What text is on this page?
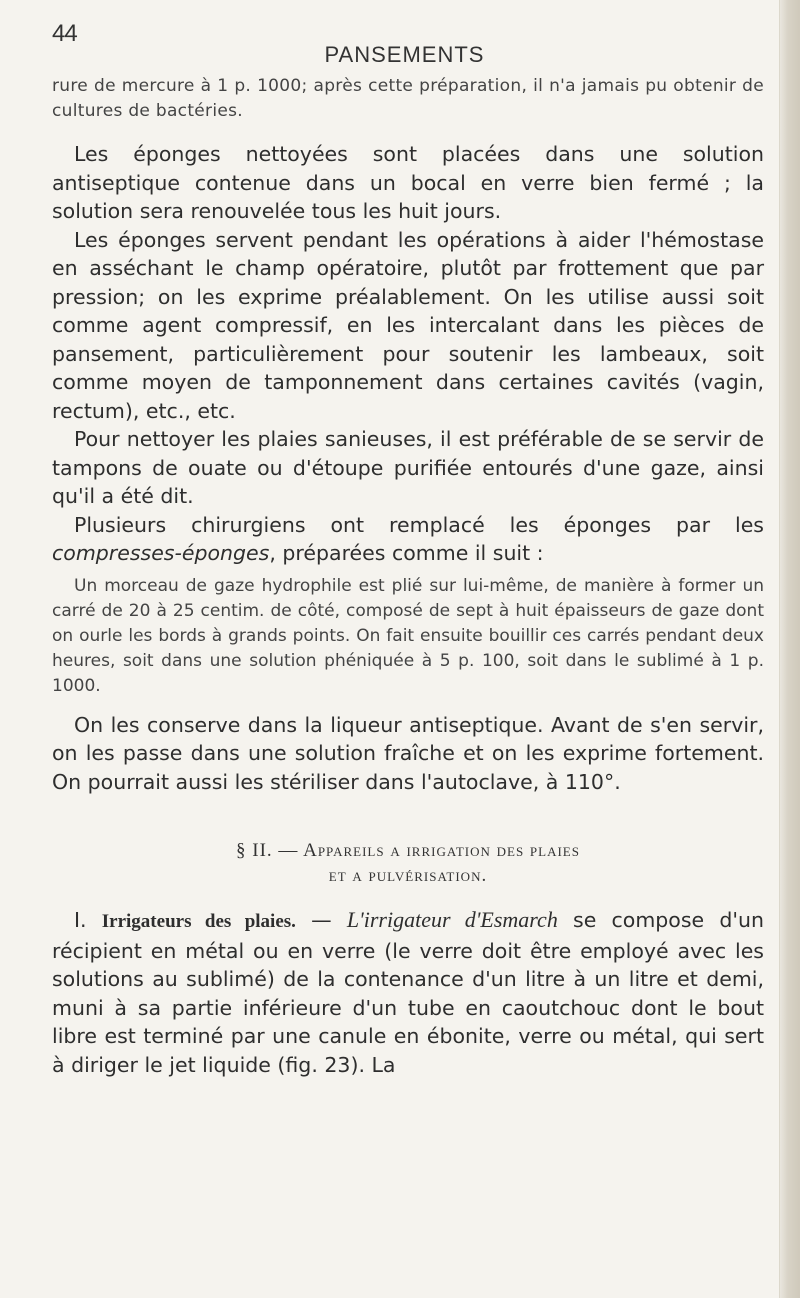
44
PANSEMENTS

rure de mercure à 1 p. 1000; après cette préparation, il n'a jamais pu obtenir de cultures de bactéries.

Les éponges nettoyées sont placées dans une solution antiseptique contenue dans un bocal en verre bien fermé ; la solution sera renouvelée tous les huit jours.

Les éponges servent pendant les opérations à aider l'hémostase en asséchant le champ opératoire, plutôt par frottement que par pression; on les exprime préalablement. On les utilise aussi soit comme agent compressif, en les intercalant dans les pièces de pansement, particulièrement pour soutenir les lambeaux, soit comme moyen de tamponnement dans certaines cavités (vagin, rectum), etc., etc.

Pour nettoyer les plaies sanieuses, il est préférable de se servir de tampons de ouate ou d'étoupe purifiée entourés d'une gaze, ainsi qu'il a été dit.

Plusieurs chirurgiens ont remplacé les éponges par les compresses-éponges, préparées comme il suit :

Un morceau de gaze hydrophile est plié sur lui-même, de manière à former un carré de 20 à 25 centim. de côté, composé de sept à huit épaisseurs de gaze dont on ourle les bords à grands points. On fait ensuite bouillir ces carrés pendant deux heures, soit dans une solution phéniquée à 5 p. 100, soit dans le sublimé à 1 p. 1000.

On les conserve dans la liqueur antiseptique. Avant de s'en servir, on les passe dans une solution fraîche et on les exprime fortement. On pourrait aussi les stériliser dans l'autoclave, à 110°.

§ II. — Appareils a irrigation des plaies
et a pulvérisation.

I. Irrigateurs des plaies. — L'irrigateur d'Esmarch se compose d'un récipient en métal ou en verre (le verre doit être employé avec les solutions au sublimé) de la contenance d'un litre à un litre et demi, muni à sa partie inférieure d'un tube en caoutchouc dont le bout libre est terminé par une canule en ébonite, verre ou métal, qui sert à diriger le jet liquide (fig. 23). La
